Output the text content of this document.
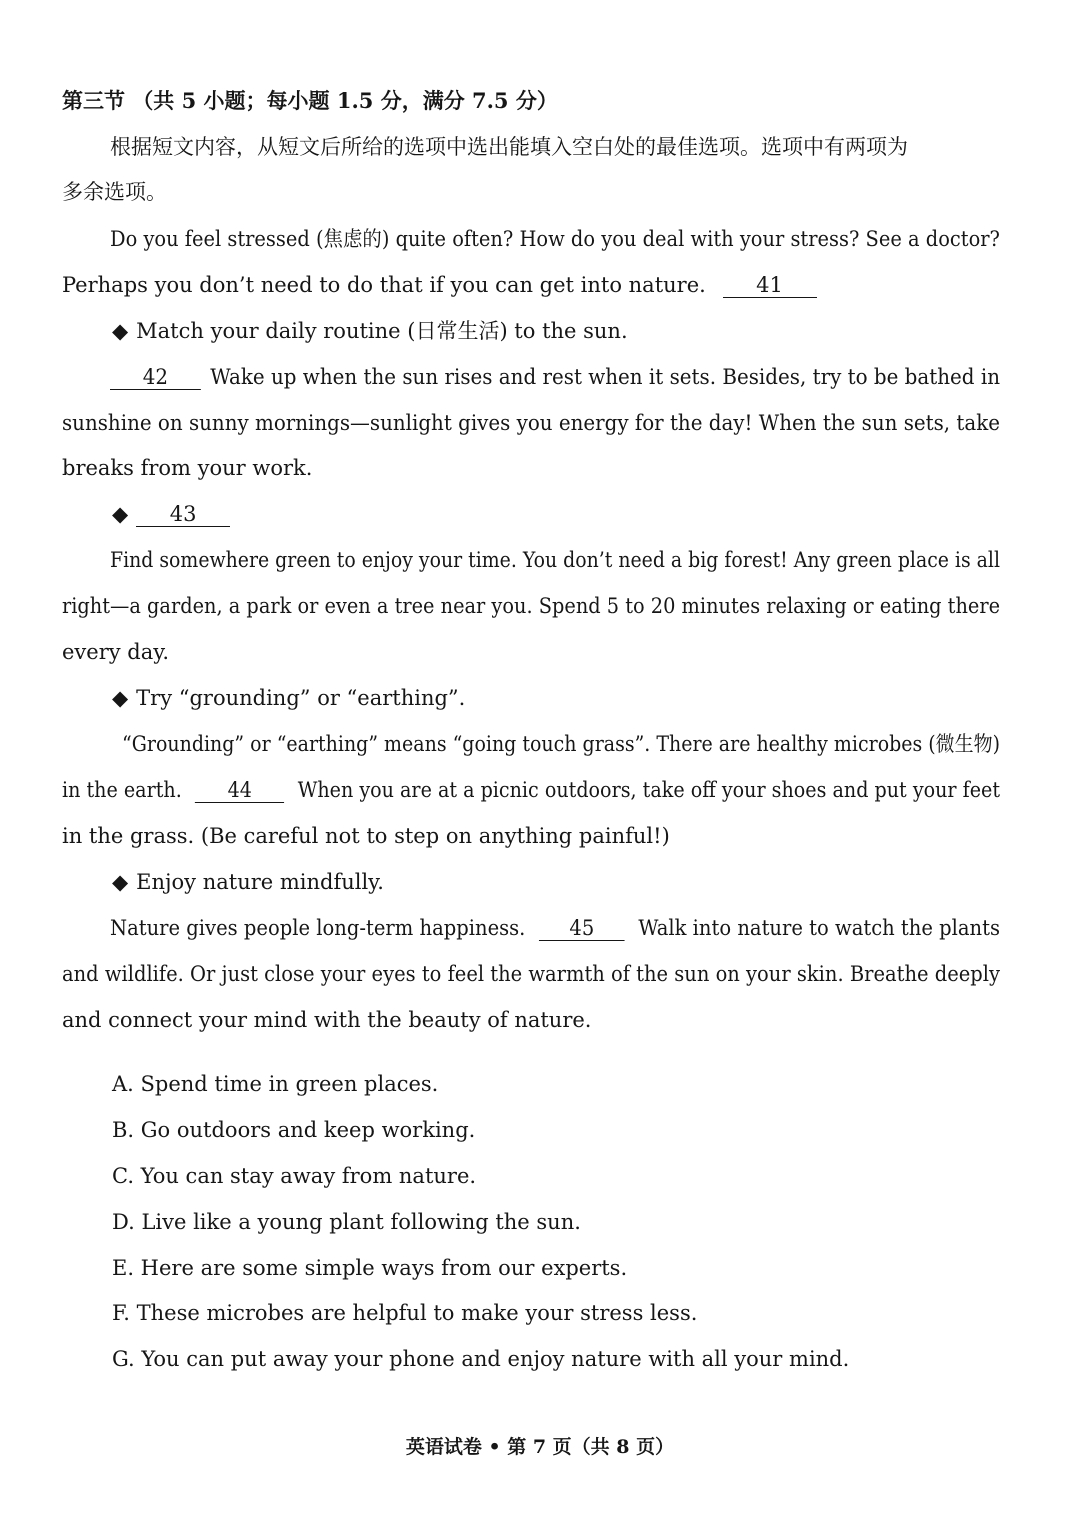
第三节 （共 5 小题；每小题 1.5 分，满分 7.5 分）
根据短文内容，从短文后所给的选项中选出能填入空白处的最佳选项。选项中有两项为
多余选项。
Do you feel stressed (焦虑的) quite often? How do you deal with your stress? See a doctor?
Perhaps you don’t need to do that if you can get into nature. 41
◆ Match your daily routine (日常生活) to the sun.
42 Wake up when the sun rises and rest when it sets. Besides, try to be bathed in
sunshine on sunny mornings—sunlight gives you energy for the day! When the sun sets, take
breaks from your work.
◆ 43
Find somewhere green to enjoy your time. You don’t need a big forest! Any green place is all
right—a garden, a park or even a tree near you. Spend 5 to 20 minutes relaxing or eating there
every day.
◆ Try “grounding” or “earthing”.
“Grounding” or “earthing” means “going touch grass”. There are healthy microbes (微生物)
in the earth. 44 When you are at a picnic outdoors, take off your shoes and put your feet
in the grass. (Be careful not to step on anything painful!)
◆ Enjoy nature mindfully.
Nature gives people long-term happiness. 45 Walk into nature to watch the plants
and wildlife. Or just close your eyes to feel the warmth of the sun on your skin. Breathe deeply
and connect your mind with the beauty of nature.
A. Spend time in green places.
B. Go outdoors and keep working.
C. You can stay away from nature.
D. Live like a young plant following the sun.
E. Here are some simple ways from our experts.
F. These microbes are helpful to make your stress less.
G. You can put away your phone and enjoy nature with all your mind.
英语试卷 • 第 7 页（共 8 页）
